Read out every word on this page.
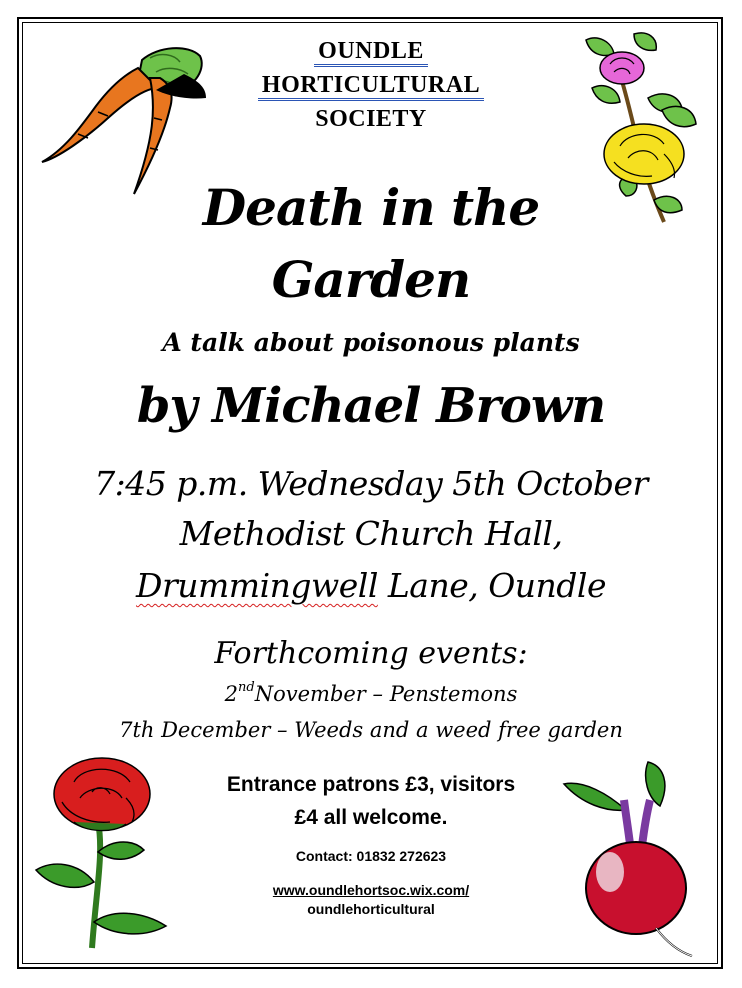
OUNDLE
HORTICULTURAL
SOCIETY
Death in the
Garden
A talk about poisonous plants
by Michael Brown
7:45 p.m. Wednesday 5th October
Methodist Church Hall,
Drummingwell Lane, Oundle
Forthcoming events:
2ndNovember – Penstemons
7th December – Weeds and a weed free garden
Entrance patrons £3, visitors
£4 all welcome.
Contact: 01832 272623
www.oundlehortsoc.wix.com/
oundlehorticultural
